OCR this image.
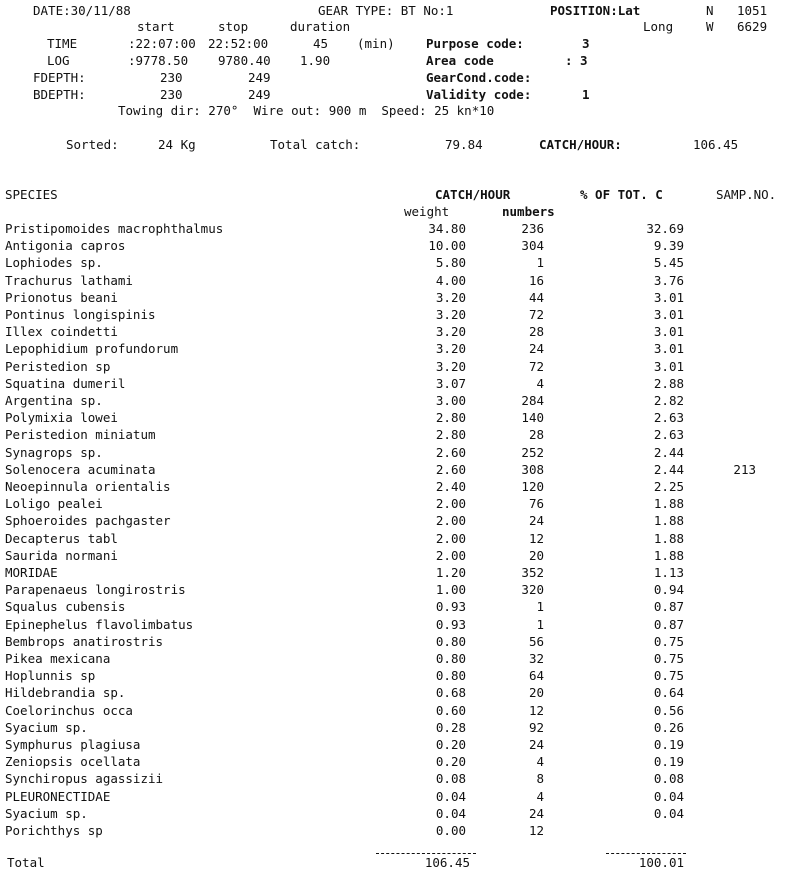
DATE:30/11/88	GEAR TYPE: BT No:1	POSITION:Lat	N 1051
start	stop	duration	Long	W 6629
TIME	:22:07:00 22:52:00	45 (min)	Purpose code:	3
LOG	:9778.50 9780.40 1.90	Area code	: 3
FDEPTH:	230	249	GearCond.code:
BDEPTH:	230	249	Validity code:	1
Towing dir: 270°  Wire out: 900 m  Speed: 25 kn*10
Sorted:	24 Kg	Total catch:	79.84	CATCH/HOUR:	106.45
SPECIES	CATCH/HOUR	% OF TOT. C	SAMP.NO.
weight	numbers
Pristipomoides macrophthalmus	34.80	236	32.69
Antigonia capros	10.00	304	9.39
Lophiodes sp.	5.80	1	5.45
Trachurus lathami	4.00	16	3.76
Prionotus beani	3.20	44	3.01
Pontinus longispinis	3.20	72	3.01
Illex coindetti	3.20	28	3.01
Lepophidium profundorum	3.20	24	3.01
Peristedion sp	3.20	72	3.01
Squatina dumeril	3.07	4	2.88
Argentina sp.	3.00	284	2.82
Polymixia lowei	2.80	140	2.63
Peristedion miniatum	2.80	28	2.63
Synagrops sp.	2.60	252	2.44
Solenocera acuminata	2.60	308	2.44	213
Neoepinnula orientalis	2.40	120	2.25
Loligo pealei	2.00	76	1.88
Sphoeroides pachgaster	2.00	24	1.88
Decapterus tabl	2.00	12	1.88
Saurida normani	2.00	20	1.88
MORIDAE	1.20	352	1.13
Parapenaeus longirostris	1.00	320	0.94
Squalus cubensis	0.93	1	0.87
Epinephelus flavolimbatus	0.93	1	0.87
Bembrops anatirostris	0.80	56	0.75
Pikea mexicana	0.80	32	0.75
Hoplunnis sp	0.80	64	0.75
Hildebrandia sp.	0.68	20	0.64
Coelorinchus occa	0.60	12	0.56
Syacium sp.	0.28	92	0.26
Symphurus plagiusa	0.20	24	0.19
Zeniopsis ocellata	0.20	4	0.19
Synchiropus agassizii	0.08	8	0.08
PLEURONECTIDAE	0.04	4	0.04
Syacium sp.	0.04	24	0.04
Porichthys sp	0.00	12
Total	106.45	100.01
